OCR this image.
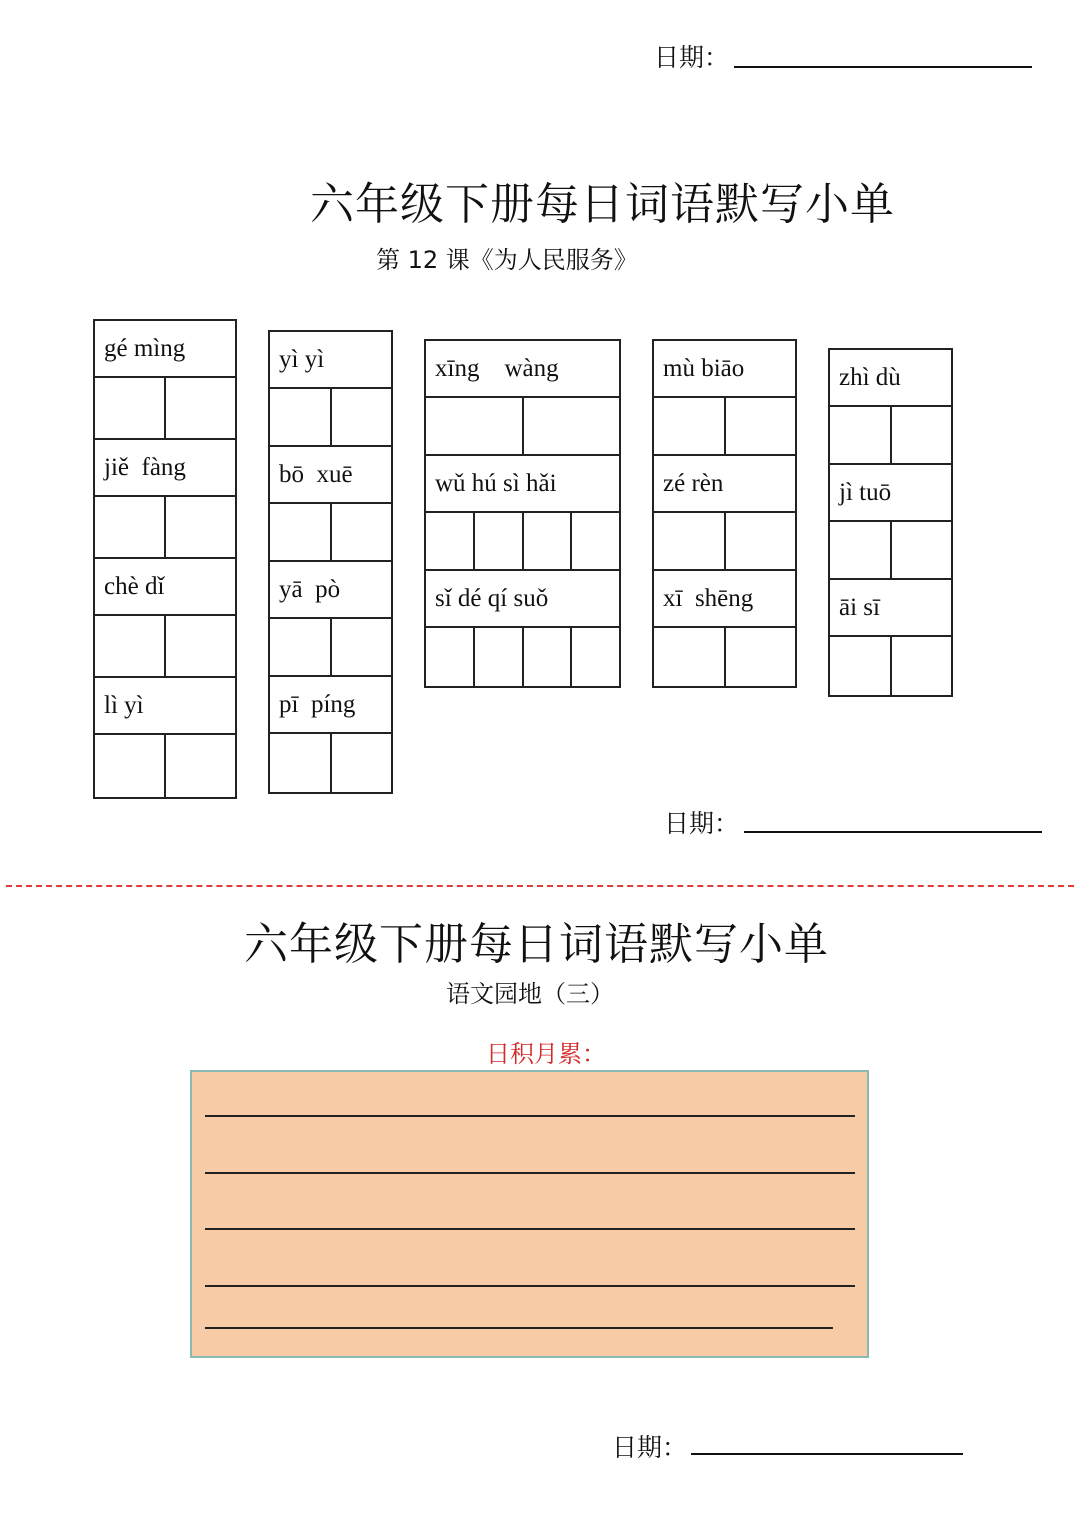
日期：
六年级下册每日词语默写小单
第 12 课《为人民服务》
gé mìng
jiě  fàng
chè dǐ
lì yì
yì yì
bō  xuē
yā  pò
pī  píng
xīng    wàng
wǔ hú sì hǎi
sǐ dé qí suǒ
mù biāo
zé rèn
xī  shēng
zhì dù
jì tuō
āi sī
日期：
六年级下册每日词语默写小单
语文园地（三）
日积月累：
日期：
